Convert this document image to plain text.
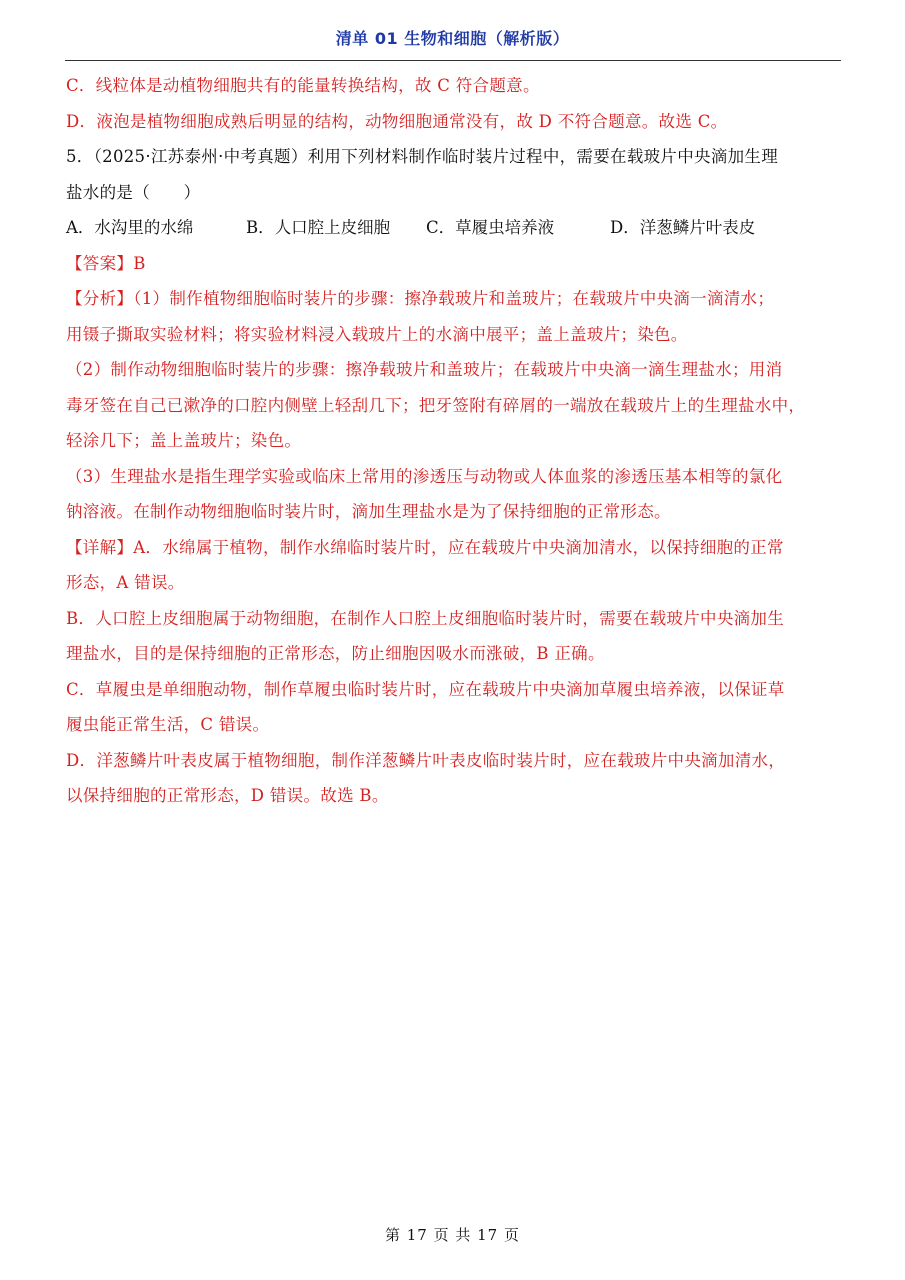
清单 01 生物和细胞（解析版）
C．线粒体是动植物细胞共有的能量转换结构，故 C 符合题意。
D．液泡是植物细胞成熟后明显的结构，动物细胞通常没有，故 D 不符合题意。故选 C。
5．（2025·江苏泰州·中考真题）利用下列材料制作临时装片过程中，需要在载玻片中央滴加生理
盐水的是（　　）
A．水沟里的水绵	B．人口腔上皮细胞	C．草履虫培养液	D．洋葱鳞片叶表皮
【答案】B
【分析】（1）制作植物细胞临时装片的步骤：擦净载玻片和盖玻片；在载玻片中央滴一滴清水；
用镊子撕取实验材料；将实验材料浸入载玻片上的水滴中展平；盖上盖玻片；染色。
（2）制作动物细胞临时装片的步骤：擦净载玻片和盖玻片；在载玻片中央滴一滴生理盐水；用消
毒牙签在自己已漱净的口腔内侧壁上轻刮几下；把牙签附有碎屑的一端放在载玻片上的生理盐水中，
轻涂几下；盖上盖玻片；染色。
（3）生理盐水是指生理学实验或临床上常用的渗透压与动物或人体血浆的渗透压基本相等的氯化
钠溶液。在制作动物细胞临时装片时，滴加生理盐水是为了保持细胞的正常形态。
【详解】A．水绵属于植物，制作水绵临时装片时，应在载玻片中央滴加清水，以保持细胞的正常
形态，A 错误。
B．人口腔上皮细胞属于动物细胞，在制作人口腔上皮细胞临时装片时，需要在载玻片中央滴加生
理盐水，目的是保持细胞的正常形态，防止细胞因吸水而涨破，B 正确。
C．草履虫是单细胞动物，制作草履虫临时装片时，应在载玻片中央滴加草履虫培养液，以保证草
履虫能正常生活，C 错误。
D．洋葱鳞片叶表皮属于植物细胞，制作洋葱鳞片叶表皮临时装片时，应在载玻片中央滴加清水，
以保持细胞的正常形态，D 错误。故选 B。
第 17 页 共 17 页
